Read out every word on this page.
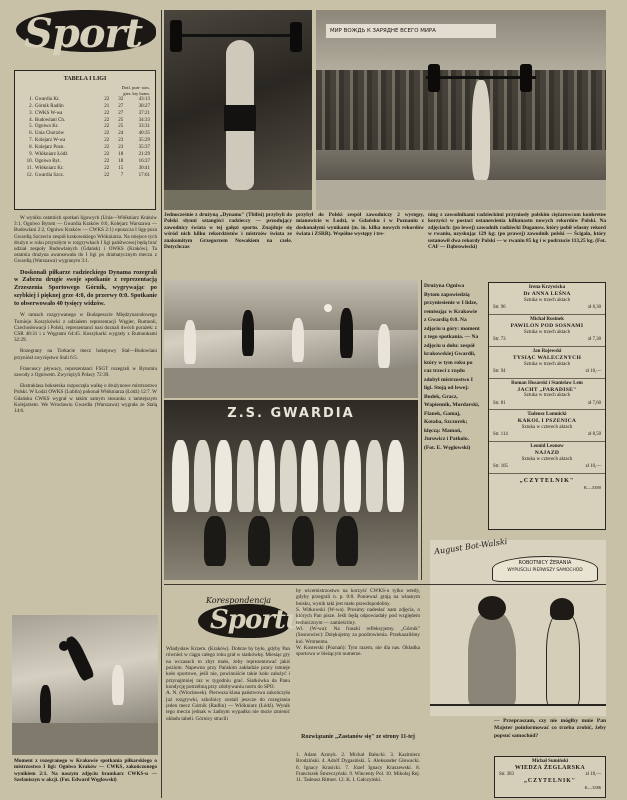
Sport
TABELA I LIGI
		Dotl. pun- stos.		
		gier. kty bram.		
1.	Gwardia Kr.	22	32	43:13
2.	Górnik Radlin	21	27	38:27
3.	CWKS W-wa	22	27	37:21
4.	Budowlani Ch.	22	25	34:33
5.	Ogniwo Kr.	22	25	33:31
6.	Unia Chorzów	22	24	40:35
7.	Kolejarz W-wa	22	23	35:29
8.	Kolejarz Pozn.	22	23	35:37
9.	Włókniarz Łódź	22	18	21:29
10.	Ogniwo Byt.	22	18	16:37
11.	Włókniarz Kr.	22	15	30:41
12.	Gwardia Szcz.	22	7	17:61

W wyniku ostatnich spotkań ligowych (Unia—Włókniarz Kraków 3:1, Ogniwo Bytom — Gwardia Kraków 0:0, Kolejarz Warszawa — Budowlani 2:2, Ogniwo Kraków — CWKS 2:1) opuszcza I ligę poza Gwardią Szczecin zespół krakowskiego Włókniarza. Na miejsce tych drużyn w roku przyszłym w rozgrywkach I ligi pańśtwowej będą brać udział zespoły Budowlanych (Gdańsk) i OWKS (Kraków). Ta ostatnia drużyna awansowała do I ligi po dramatycznym meczu z Gwardią (Warszawa) wygranym 3:1.

Doskonali piłkarze radzieckiego Dynama rozegrali w Zabrzu drugie swoje spotkanie z reprezentacją Zrzeszenia Sportowego Górnik, wygrywając po szybkiej i pięknej grze 4:0, do przerwy 0:0. Spotkanie to obserwowało 40 tysięcy widzów.

W ramach rozgrywanego w Budapeszcie Międzynarodowego Turnieju Koszykówki z udziałem reprezentacji Węgier, Rumunii, Czechosłowacji i Polski, reprezentanci nasi doznali dwóch porażek: z CSR 48:31 i z Węgrami 64:45. Koszykarki wygrały z Rumunkami 32:29.

Rozegrany na Torkacie mecz hokejowy Stal—Budowlani przyniósł zwycięstwo Stali 6:5.

Francuscy pływacy, reprezentanci FSGT rozegrali w Bytomiu zawody z Ogniwem. Zwyciężyli Polacy 72:39.

Ekstraklasa bokserska rozpoczęła walkę o drużynowe mistrzostwo Polski. W Łodzi OWKS (Lublin) pokonał Włókniarza (Łódź) 12:7. W Gdańsku CWKS wygrał w takim samym stosunku z tamtejszym Kolejarzem. We Wrocławiu Gwardia (Warszawa) wygrała ze Stalą 14:6.

Moment z rozegranego w Krakowie spotkania piłkarskiego o mistrzostwo I ligi: Ogniwo Kraków — CWKS, zakończonego wynikiem 2:1. Na naszym zdjęciu bramkarz CWKS-u — Szefaniszyn w akcji. (Fot. Edward Węglowski)
МИР ВОЖДЬ К ЗАРЯДНЕ ВСЕГО МИРА
Jednocześnie z drużyną „Dynamo" (Tbilisi) przybyli do Polski słynni sztangiści radzieccy — przodujący zawodnicy świata w tej gałęzi sportu. Znajduje się wśród nich kilku rekordzistów i mistrzów świata ze znakomitym Grzegorzem Nowakiem na czele. Dotychczas
przybył do Polski zespół zawodniczy 2 występy, mianowicie w Łodzi, w Gdańsku i w Poznaniu z doskonałymi wynikami (m. in. kilka nowych rekordów świata i ZSRR). Wspólne występy i tre-
ning z zawodnikami radzieckimi przyniosły polskim ciężarowcom konkretne korzyści w postaci ustanowienia kilkunastu nowych rekordów Polski. Na zdjęciach: (po lewej) zawodnik radziecki Duganow, który pobił własny rekord w rwaniu, uzyskując 129 kg; (po prawej) zawodnik polski — Ścigała, który ustanowił dwa rekordy Polski — w rwaniu 85 kg i w podrzucie 113,25 kg. (Fot. CAF — Dąbrowiecki)
Z.S. GWARDIA
Drużyna Ogniwa Bytom zapowiedzią przyniesienie w I lidze, remisując w Krakowie z Gwardią 0:0. Na zdjęciu u góry: moment z tego spotkania. — Na zdjęciu u dołu: zespół krakowskiej Gwardii, który w tym roku po raz trzeci z rzędu zdobył mistrzostwo I ligi. Stoją od lewej: Budek, Gracz, Wapiennik, Mordarski, Flanek, Gamaj, Kotaba, Szczurek; klęczą: Mamoń, Jurowicz i Patkolo. (Fot. E. Węglowski)
Irena Krzywicka
Dr ANNA LEŚNA
Sztuka w trzech aktach
Str. 96	zł 8,30
Michał Rusinek
PAWILON POD SOSNAMI
Sztuka w trzech aktach
Str. 73	zł 7,30
Jan Rojewski
TYSIĄC WALECZNYCH
Sztuka w trzech aktach
Str. 94	zł 10,—
Roman Husarski i Stanisław Lem
JACHT „PARADISE"
Sztuka w trzech aktach
Str. 81	zł 7,60
Tadeusz Łomnicki
KAKOL I PSZENICA
Sztuka w czterech aktach
Str. 114	zł 8,50
Leonid Leonow
NAJAZD
Sztuka w czterech aktach
Str. 105	zł 10,—
„CZYTELNIK"
K—3380
Korespondencja
Sportu
Władysław Krzem. (Kraków). Dobrze by było, gdyby Pan również w ciągu całego roku grał w siatkówkę. Miesiąc gry na wczasach to zbyt mało, żeby reprezentować jakiś poziom. Napewno przy Pańskim zakładzie pracy istnieje koło sportowe, jeśli nie, powinniście takie koło założyć i przynajmniej raz w tygodniu grać. Siatkówka da Panu kondycję potrzebną przy zdobywaniu norm do SPO.
A. N. (Wiocławek). Pierwsza klasa państwowa zakończyła już rozgrywki, szkolnicy zostali jeszcze do rozegrania jeden mecz Górnik (Radlin) — Włókniarz (Łódź). Wynik tego meczu jednak w żadnym wypadku nie może zmienić układu tabeli. Górnicy stracili
by wicemistrzostwo na korzyść CWKS-u tylko wtedy, gdyby przegrali n. p. 0:8. Ponieważ grają na własnym boisku, wynik taki jest mało prawdopodobny.
S. Witkowski (W-wa). Prosimy nadesłać nam zdjęcia, o których Pan pisze. Jeśli będą odpowiadały pod względem technicznym — zamieścimy.
Wl. (W-wa): Na fraszki refleksyjemy. „Górnik" (Sosnowiec): Dziękujemy za pozdrowienia. Przekazaliśmy kol. Wrotnemu.
W. Kosterski (Poznań): Tym razem, nie dla nas. Okładka sportowa w bieżącym numerze.
Rozwiązanie „Zastanów się" ze strony 11-tej
1. Adam Azmyk. 2. Michał Bałucki. 3. Kazimierz Brodziński. 4. Adolf Dygasiński. 5. Aleksander Głowacki. 6. Ignacy Krasicki. 7. Józef Ignacy Kraszewski. 8. Franciszek Śmreczyński. 9. Wincenty Pol. 10. Mikołaj Rej. 11. Tadeusz Rittner. 12. K. I. Gałczyński.
August Bot-Walski
ROBOTNICY ŻERANIA
WYPUŚCILI PIERWSZY SAMOCHÓD
— Przepraszam, czy nie mógłby mnie Pan Majster poinformować co trzeba zrobić, żeby popsuć samochód?
Michał Sumiński
WIEDZA ŻEGLARSKA
Str. 383	zł 18,—
„CZYTELNIK"
K—3386
